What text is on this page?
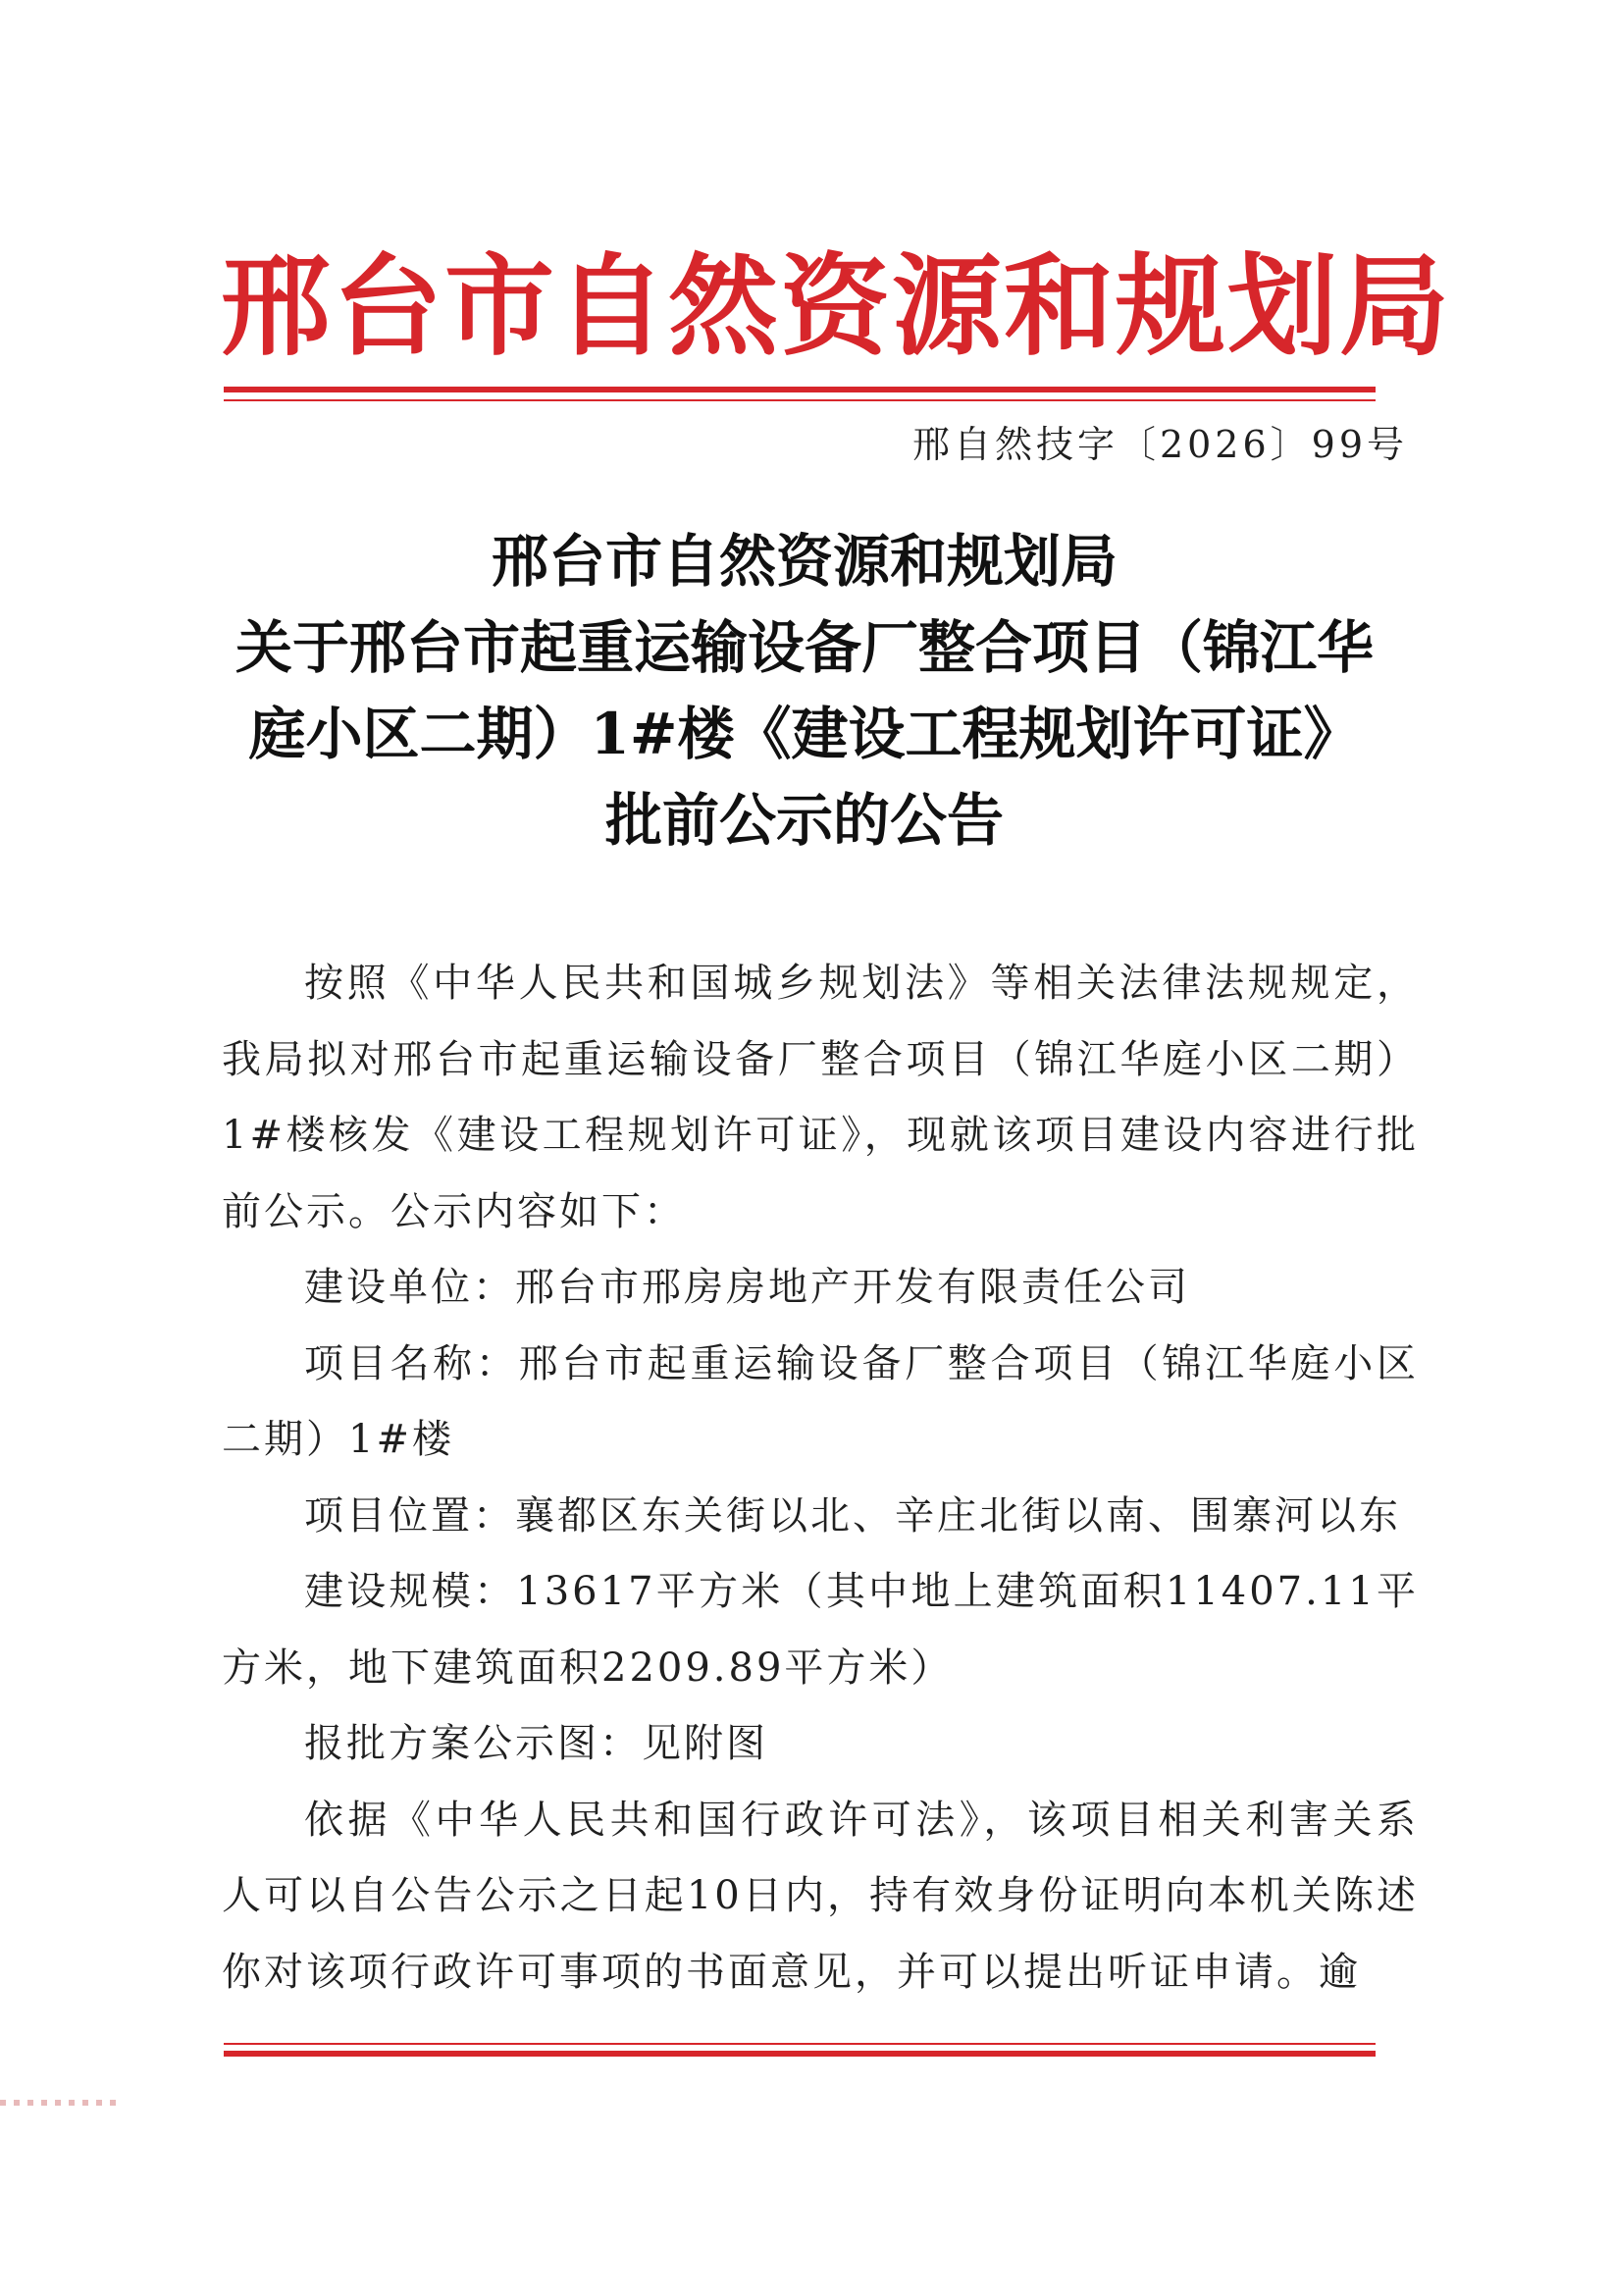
邢台市自然资源和规划局
邢自然技字〔2026〕99号
邢台市自然资源和规划局
关于邢台市起重运输设备厂整合项目（锦江华
庭小区二期）1#楼《建设工程规划许可证》
批前公示的公告

按照《中华人民共和国城乡规划法》等相关法律法规规定，我局拟对邢台市起重运输设备厂整合项目（锦江华庭小区二期）1#楼核发《建设工程规划许可证》，现就该项目建设内容进行批前公示。公示内容如下：

建设单位：邢台市邢房房地产开发有限责任公司

项目名称：邢台市起重运输设备厂整合项目（锦江华庭小区二期）1#楼

项目位置：襄都区东关街以北、辛庄北街以南、围寨河以东

建设规模：13617平方米（其中地上建筑面积11407.11平方米，地下建筑面积2209.89平方米）

报批方案公示图：见附图

依据《中华人民共和国行政许可法》，该项目相关利害关系人可以自公告公示之日起10日内，持有效身份证明向本机关陈述你对该项行政许可事项的书面意见，并可以提出听证申请。逾
